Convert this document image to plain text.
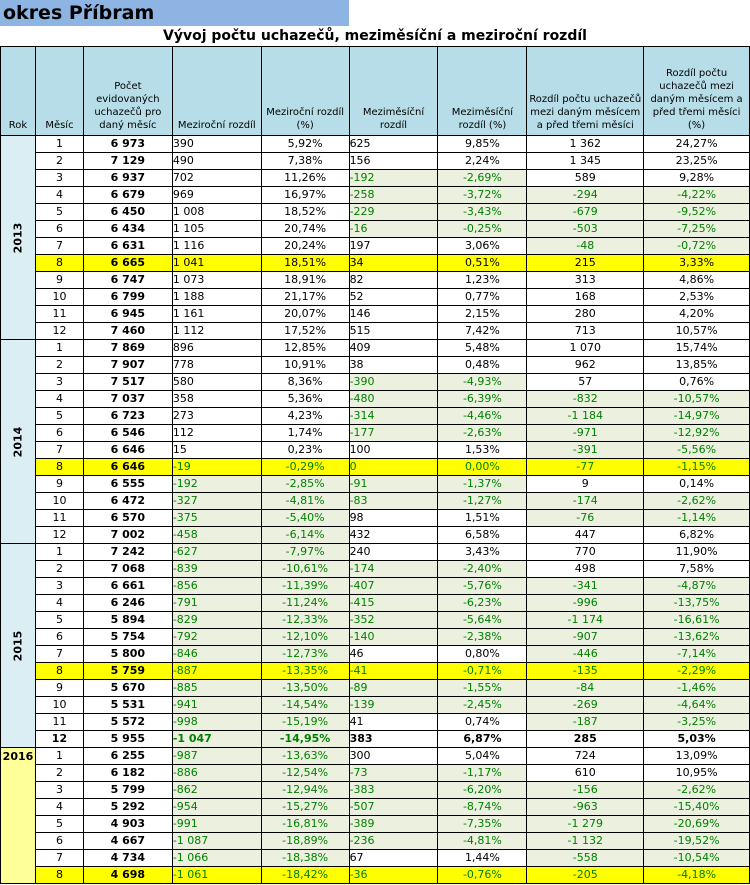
okres Příbram
Vývoj počtu uchazečů, meziměsíční a meziroční rozdíl
Rok	Měsíc	Počet evidovaných uchazečů pro daný měsíc	Meziroční rozdíl	Meziroční rozdíl (%)	Meziměsíční rozdíl	Meziměsíční rozdíl (%)	Rozdíl počtu uchazečů mezi daným měsícem a před třemi měsíci	Rozdíl počtu uchazečů mezi daným měsícem a před třemi měsíci (%)
2013	1	6 973	390	5,92%	625	9,85%	1 362	24,27%
	2	7 129	490	7,38%	156	2,24%	1 345	23,25%
	3	6 937	702	11,26%	-192	-2,69%	589	9,28%
	4	6 679	969	16,97%	-258	-3,72%	-294	-4,22%
	5	6 450	1 008	18,52%	-229	-3,43%	-679	-9,52%
	6	6 434	1 105	20,74%	-16	-0,25%	-503	-7,25%
	7	6 631	1 116	20,24%	197	3,06%	-48	-0,72%
	8	6 665	1 041	18,51%	34	0,51%	215	3,33%
	9	6 747	1 073	18,91%	82	1,23%	313	4,86%
	10	6 799	1 188	21,17%	52	0,77%	168	2,53%
	11	6 945	1 161	20,07%	146	2,15%	280	4,20%
	12	7 460	1 112	17,52%	515	7,42%	713	10,57%
2014	1	7 869	896	12,85%	409	5,48%	1 070	15,74%
	2	7 907	778	10,91%	38	0,48%	962	13,85%
	3	7 517	580	8,36%	-390	-4,93%	57	0,76%
	4	7 037	358	5,36%	-480	-6,39%	-832	-10,57%
	5	6 723	273	4,23%	-314	-4,46%	-1 184	-14,97%
	6	6 546	112	1,74%	-177	-2,63%	-971	-12,92%
	7	6 646	15	0,23%	100	1,53%	-391	-5,56%
	8	6 646	-19	-0,29%	0	0,00%	-77	-1,15%
	9	6 555	-192	-2,85%	-91	-1,37%	9	0,14%
	10	6 472	-327	-4,81%	-83	-1,27%	-174	-2,62%
	11	6 570	-375	-5,40%	98	1,51%	-76	-1,14%
	12	7 002	-458	-6,14%	432	6,58%	447	6,82%
2015	1	7 242	-627	-7,97%	240	3,43%	770	11,90%
	2	7 068	-839	-10,61%	-174	-2,40%	498	7,58%
	3	6 661	-856	-11,39%	-407	-5,76%	-341	-4,87%
	4	6 246	-791	-11,24%	-415	-6,23%	-996	-13,75%
	5	5 894	-829	-12,33%	-352	-5,64%	-1 174	-16,61%
	6	5 754	-792	-12,10%	-140	-2,38%	-907	-13,62%
	7	5 800	-846	-12,73%	46	0,80%	-446	-7,14%
	8	5 759	-887	-13,35%	-41	-0,71%	-135	-2,29%
	9	5 670	-885	-13,50%	-89	-1,55%	-84	-1,46%
	10	5 531	-941	-14,54%	-139	-2,45%	-269	-4,64%
	11	5 572	-998	-15,19%	41	0,74%	-187	-3,25%
	12	5 955	-1 047	-14,95%	383	6,87%	285	5,03%
2016	1	6 255	-987	-13,63%	300	5,04%	724	13,09%
	2	6 182	-886	-12,54%	-73	-1,17%	610	10,95%
	3	5 799	-862	-12,94%	-383	-6,20%	-156	-2,62%
	4	5 292	-954	-15,27%	-507	-8,74%	-963	-15,40%
	5	4 903	-991	-16,81%	-389	-7,35%	-1 279	-20,69%
	6	4 667	-1 087	-18,89%	-236	-4,81%	-1 132	-19,52%
	7	4 734	-1 066	-18,38%	67	1,44%	-558	-10,54%
	8	4 698	-1 061	-18,42%	-36	-0,76%	-205	-4,18%
